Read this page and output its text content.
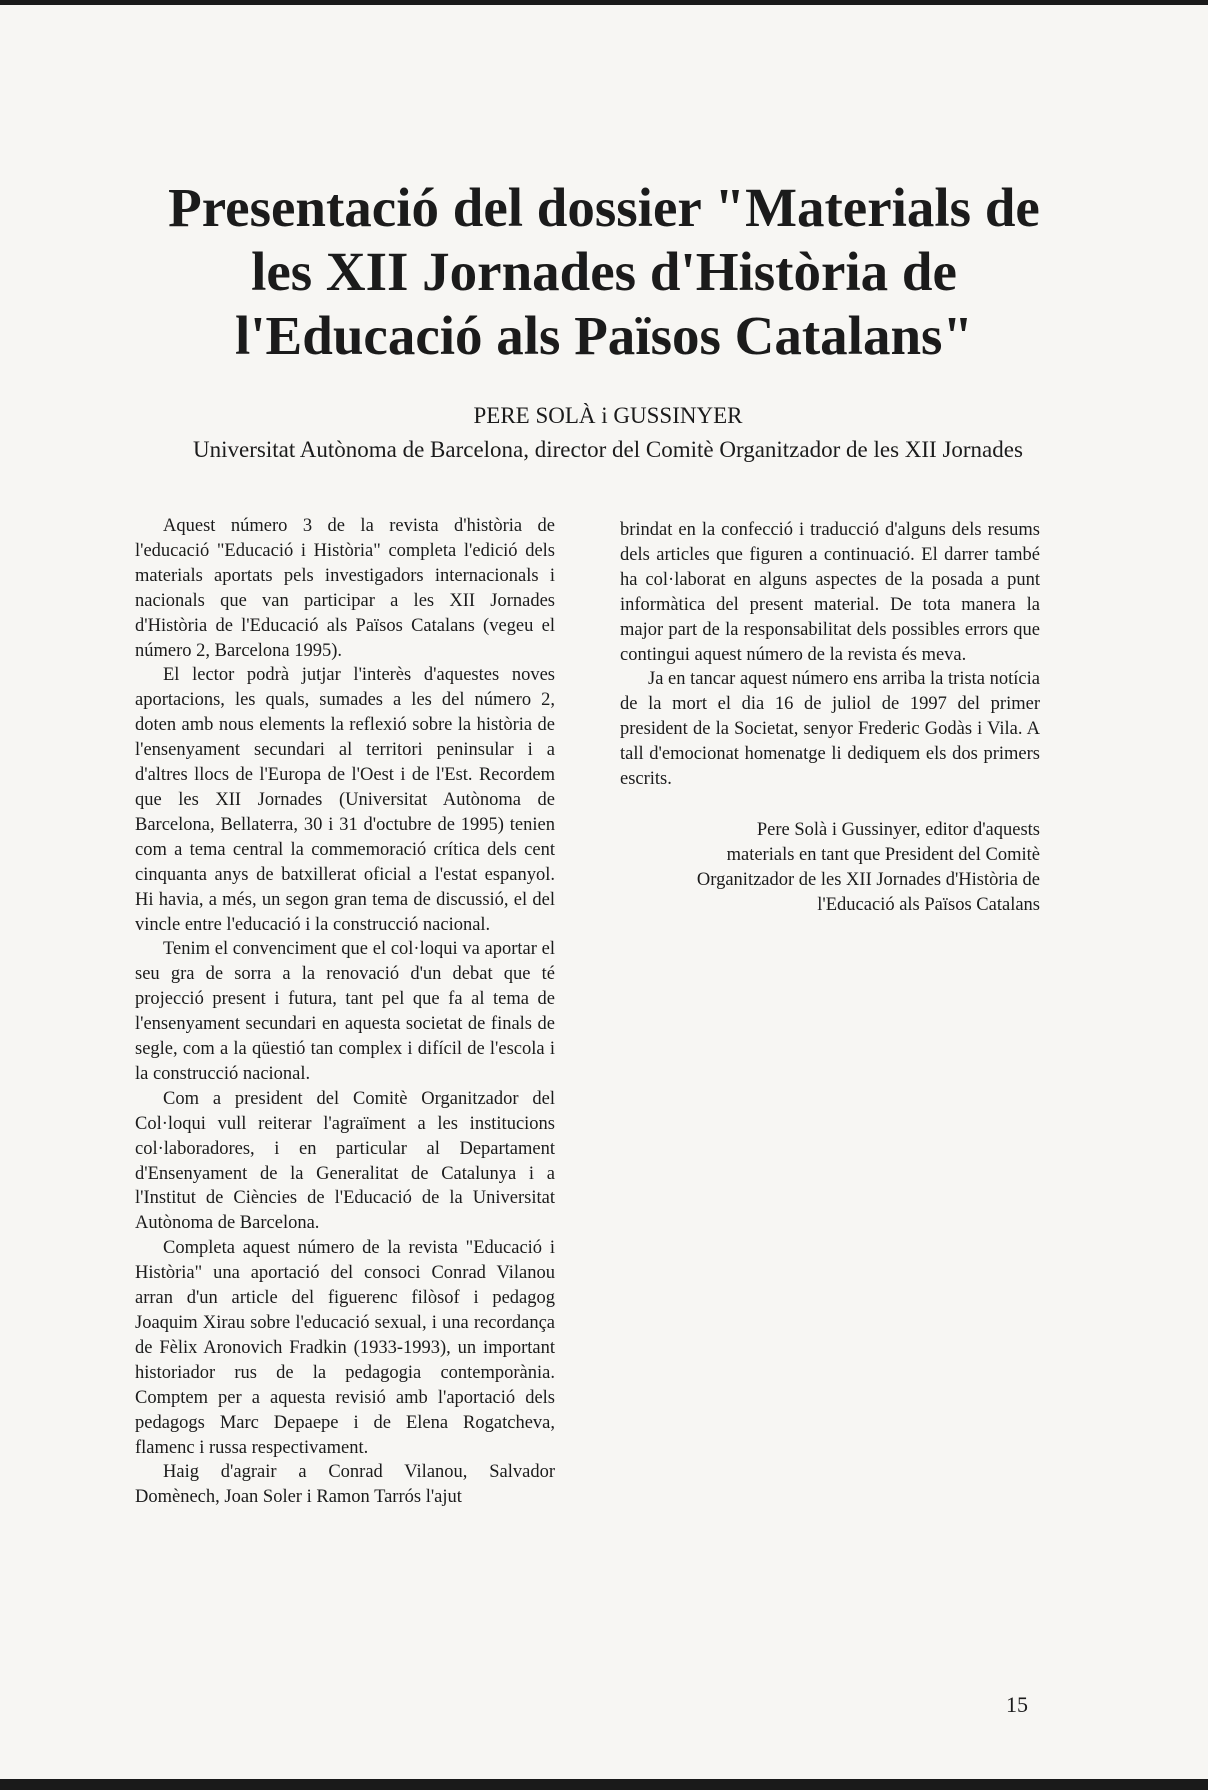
Presentació del dossier "Materials de
les XII Jornades d'Història de
l'Educació als Països Catalans"

PERE SOLÀ i GUSSINYER

Universitat Autònoma de Barcelona, director del Comitè Organitzador de les XII Jornades

Aquest número 3 de la revista d'història de l'educació "Educació i Història" completa l'edició dels materials aportats pels investigadors internacionals i nacionals que van participar a les XII Jornades d'Història de l'Educació als Països Catalans (vegeu el número 2, Barcelona 1995).

El lector podrà jutjar l'interès d'aquestes noves aportacions, les quals, sumades a les del número 2, doten amb nous elements la reflexió sobre la història de l'ensenyament secundari al territori peninsular i a d'altres llocs de l'Europa de l'Oest i de l'Est. Recordem que les XII Jornades (Universitat Autònoma de Barcelona, Bellaterra, 30 i 31 d'octubre de 1995) tenien com a tema central la commemoració crítica dels cent cinquanta anys de batxillerat oficial a l'estat espanyol. Hi havia, a més, un segon gran tema de discussió, el del vincle entre l'educació i la construcció nacional.

Tenim el convenciment que el col·loqui va aportar el seu gra de sorra a la renovació d'un debat que té projecció present i futura, tant pel que fa al tema de l'ensenyament secundari en aquesta societat de finals de segle, com a la qüestió tan complex i difícil de l'escola i la construcció nacional.

Com a president del Comitè Organitzador del Col·loqui vull reiterar l'agraïment a les institucions col·laboradores, i en particular al Departament d'Ensenyament de la Generalitat de Catalunya i a l'Institut de Ciències de l'Educació de la Universitat Autònoma de Barcelona.

Completa aquest número de la revista "Educació i Història" una aportació del consoci Conrad Vilanou arran d'un article del figuerenc filòsof i pedagog Joaquim Xirau sobre l'educació sexual, i una recordança de Fèlix Aronovich Fradkin (1933-1993), un important historiador rus de la pedagogia contemporània. Comptem per a aquesta revisió amb l'aportació dels pedagogs Marc Depaepe i de Elena Rogatcheva, flamenc i russa respectivament.

Haig d'agrair a Conrad Vilanou, Salvador Domènech, Joan Soler i Ramon Tarrós l'ajut

brindat en la confecció i traducció d'alguns dels resums dels articles que figuren a continuació. El darrer també ha col·laborat en alguns aspectes de la posada a punt informàtica del present material. De tota manera la major part de la responsabilitat dels possibles errors que contingui aquest número de la revista és meva.

Ja en tancar aquest número ens arriba la trista notícia de la mort el dia 16 de juliol de 1997 del primer president de la Societat, senyor Frederic Godàs i Vila. A tall d'emocionat homenatge li dediquem els dos primers escrits.

Pere Solà i Gussinyer, editor d'aquests
materials en tant que President del Comitè
Organitzador de les XII Jornades d'Història de
l'Educació als Països Catalans

15
